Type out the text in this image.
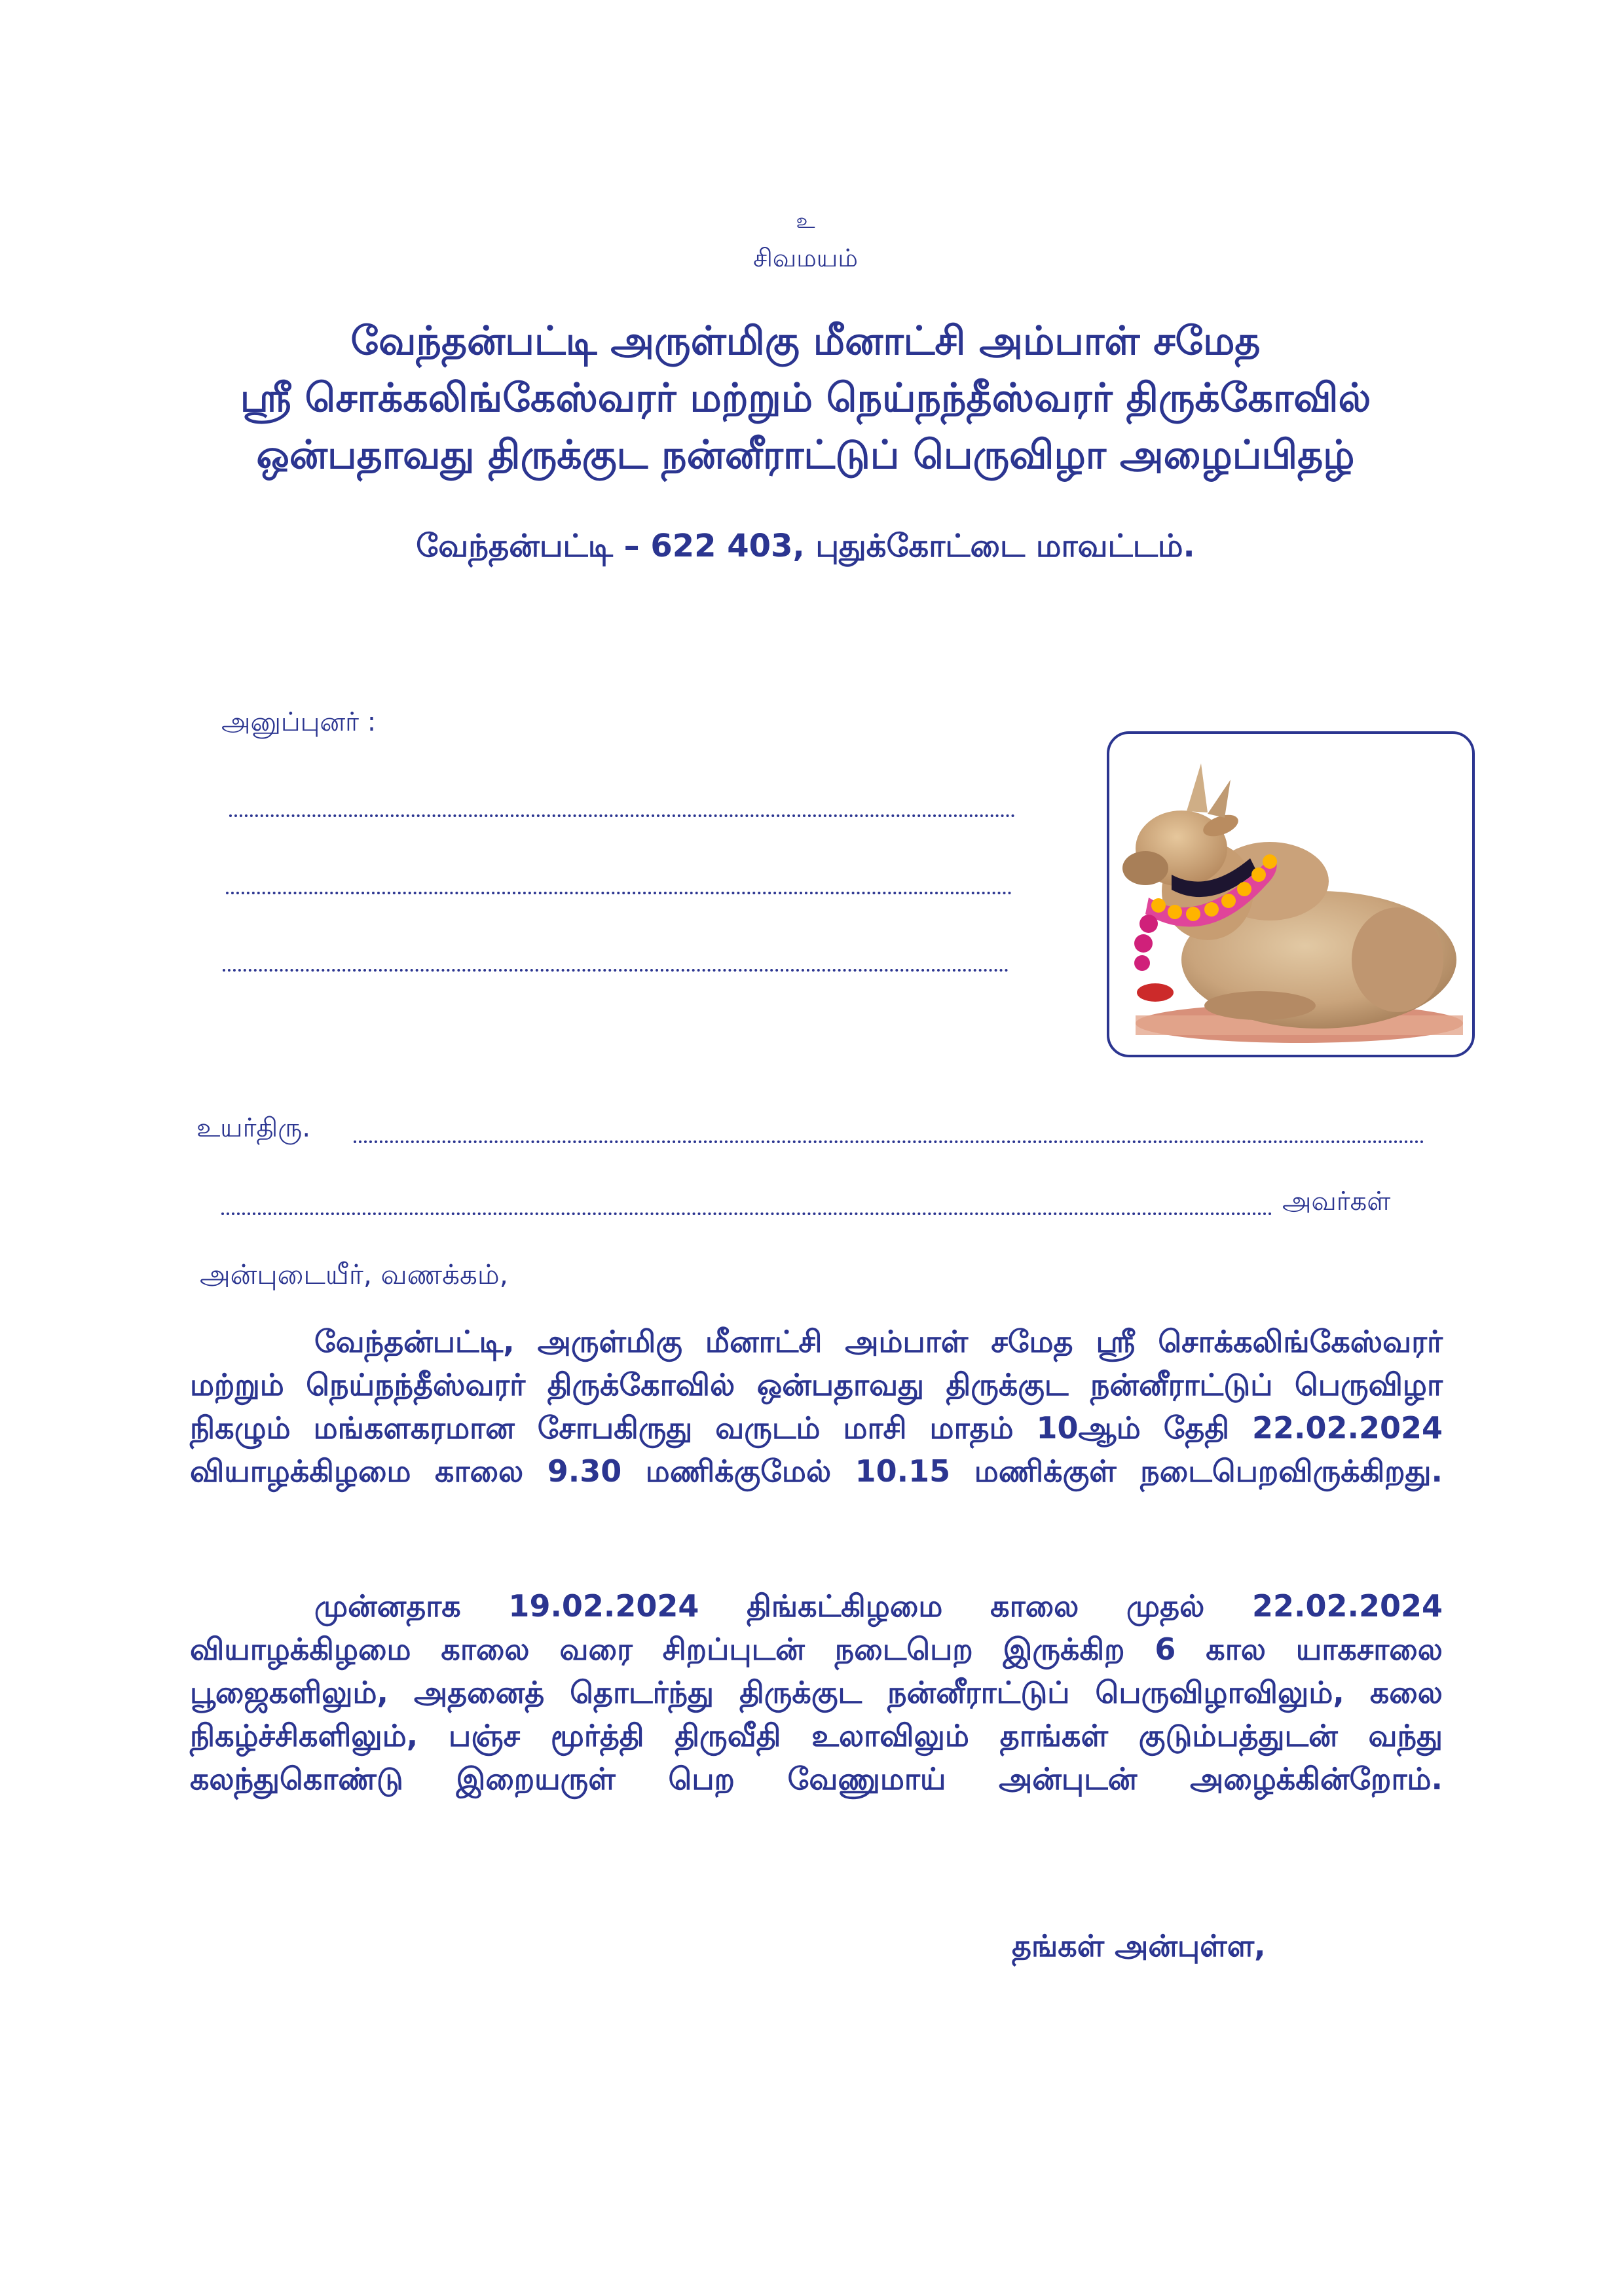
உ
சிவமயம்
வேந்தன்பட்டி அருள்மிகு மீனாட்சி அம்பாள் சமேத
ஸ்ரீ சொக்கலிங்கேஸ்வரர் மற்றும் நெய்நந்தீஸ்வரர் திருக்கோவில்
ஒன்பதாவது திருக்குட நன்னீராட்டுப் பெருவிழா அழைப்பிதழ்
வேந்தன்பட்டி – 622 403, புதுக்கோட்டை மாவட்டம்.
அனுப்புனர் :
உயர்திரு.
அவர்கள்
அன்புடையீர், வணக்கம்,
வேந்தன்பட்டி, அருள்மிகு மீனாட்சி அம்பாள் சமேத ஸ்ரீ சொக்கலிங்கேஸ்வரர் மற்றும் நெய்நந்தீஸ்வரர் திருக்கோவில் ஒன்பதாவது திருக்குட நன்னீராட்டுப் பெருவிழா நிகழும் மங்களகரமான சோபகிருது வருடம் மாசி மாதம் 10ஆம் தேதி 22.02.2024 வியாழக்கிழமை காலை 9.30 மணிக்குமேல் 10.15 மணிக்குள் நடைபெறவிருக்கிறது.
முன்னதாக 19.02.2024 திங்கட்கிழமை காலை முதல் 22.02.2024 வியாழக்கிழமை காலை வரை சிறப்புடன் நடைபெற இருக்கிற 6 கால யாகசாலை பூஜைகளிலும், அதனைத் தொடர்ந்து திருக்குட நன்னீராட்டுப் பெருவிழாவிலும், கலை நிகழ்ச்சிகளிலும், பஞ்ச மூர்த்தி திருவீதி உலாவிலும் தாங்கள் குடும்பத்துடன் வந்து கலந்துகொண்டு இறையருள் பெற வேணுமாய் அன்புடன் அழைக்கின்றோம்.
தங்கள் அன்புள்ள,
